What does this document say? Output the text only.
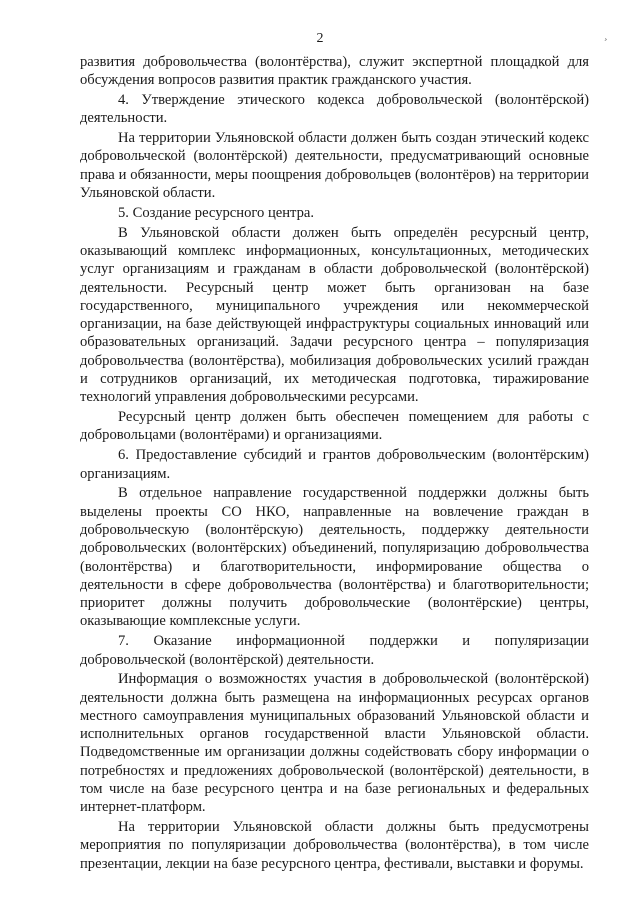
2	¸

развития добровольчества (волонтёрства), служит экспертной площадкой для обсуждения вопросов развития практик гражданского участия.

4. Утверждение этического кодекса добровольческой (волонтёрской) деятельности.

На территории Ульяновской области должен быть создан этический кодекс добровольческой (волонтёрской) деятельности, предусматривающий основные права и обязанности, меры поощрения добровольцев (волонтёров) на территории Ульяновской области.

5. Создание ресурсного центра.

В Ульяновской области должен быть определён ресурсный центр, оказывающий комплекс информационных, консультационных, методических услуг организациям и гражданам в области добровольческой (волонтёрской) деятельности. Ресурсный центр может быть организован на базе государственного, муниципального учреждения или некоммерческой организации, на базе действующей инфраструктуры социальных инноваций или образовательных организаций. Задачи ресурсного центра – популяризация добровольчества (волонтёрства), мобилизация добровольческих усилий граждан и сотрудников организаций, их методическая подготовка, тиражирование технологий управления добровольческими ресурсами.

Ресурсный центр должен быть обеспечен помещением для работы с добровольцами (волонтёрами) и организациями.

6. Предоставление субсидий и грантов добровольческим (волонтёрским) организациям.

В отдельное направление государственной поддержки должны быть выделены проекты СО НКО, направленные на вовлечение граждан в добровольческую (волонтёрскую) деятельность, поддержку деятельности добровольческих (волонтёрских) объединений, популяризацию добровольчества (волонтёрства) и благотворительности, информирование общества о деятельности в сфере добровольчества (волонтёрства) и благотворительности; приоритет должны получить добровольческие (волонтёрские) центры, оказывающие комплексные услуги.

7. Оказание информационной поддержки и популяризации добровольческой (волонтёрской) деятельности.

Информация о возможностях участия в добровольческой (волонтёрской) деятельности должна быть размещена на информационных ресурсах органов местного самоуправления муниципальных образований Ульяновской области и исполнительных органов государственной власти Ульяновской области. Подведомственные им организации должны содействовать сбору информации о потребностях и предложениях добровольческой (волонтёрской) деятельности, в том числе на базе ресурсного центра и на базе региональных и федеральных интернет-платформ.

На территории Ульяновской области должны быть предусмотрены мероприятия по популяризации добровольчества (волонтёрства), в том числе презентации, лекции на базе ресурсного центра, фестивали, выставки и форумы.
